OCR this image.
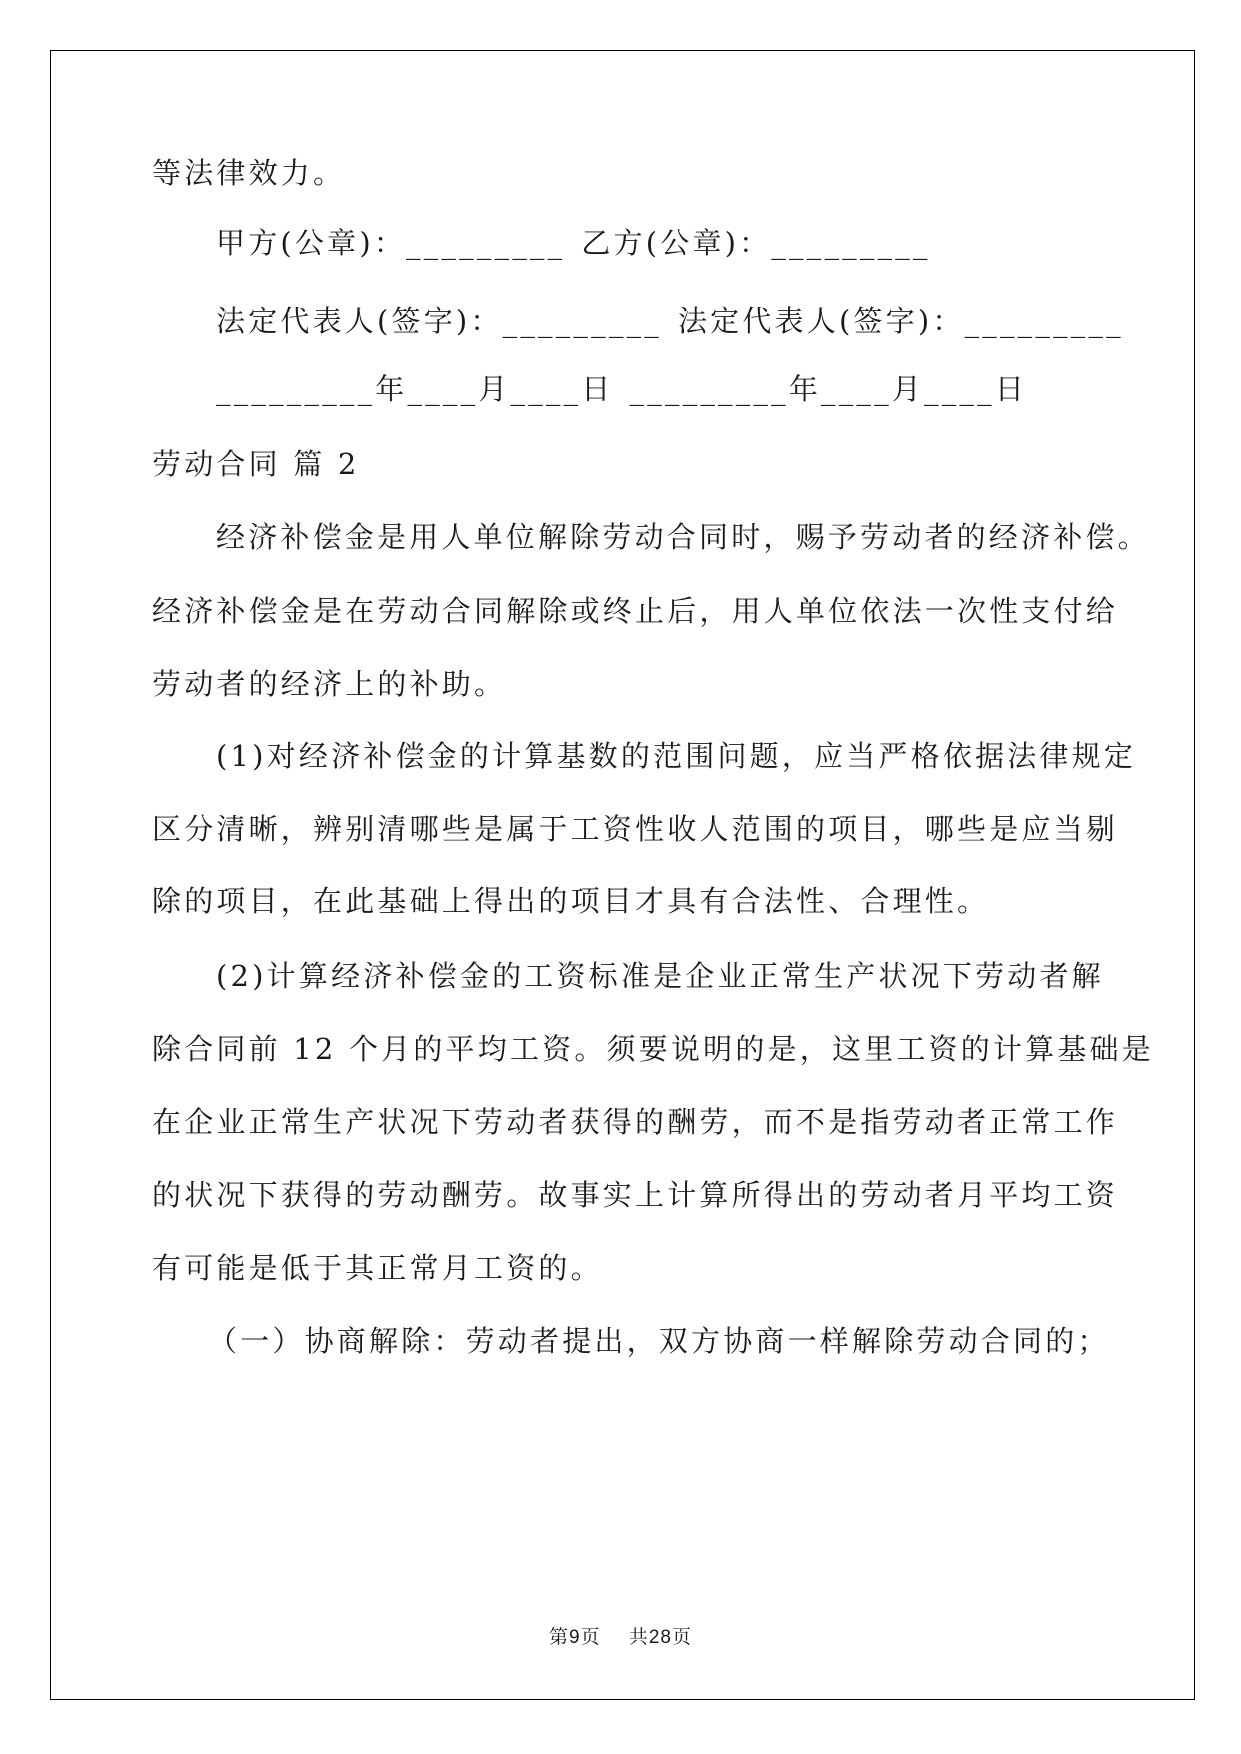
等法律效力。
甲方(公章)：_________ 乙方(公章)：_________
法定代表人(签字)：_________ 法定代表人(签字)：_________
_________年____月____日 _________年____月____日
劳动合同 篇 2
经济补偿金是用人单位解除劳动合同时，赐予劳动者的经济补偿。
经济补偿金是在劳动合同解除或终止后，用人单位依法一次性支付给
劳动者的经济上的补助。
(1)对经济补偿金的计算基数的范围问题，应当严格依据法律规定
区分清晰，辨别清哪些是属于工资性收人范围的项目，哪些是应当剔
除的项目，在此基础上得出的项目才具有合法性、合理性。
(2)计算经济补偿金的工资标准是企业正常生产状况下劳动者解
除合同前 12 个月的平均工资。须要说明的是，这里工资的计算基础是
在企业正常生产状况下劳动者获得的酬劳，而不是指劳动者正常工作
的状况下获得的劳动酬劳。故事实上计算所得出的劳动者月平均工资
有可能是低于其正常月工资的。
（一）协商解除：劳动者提出，双方协商一样解除劳动合同的；
第9页 共28页
